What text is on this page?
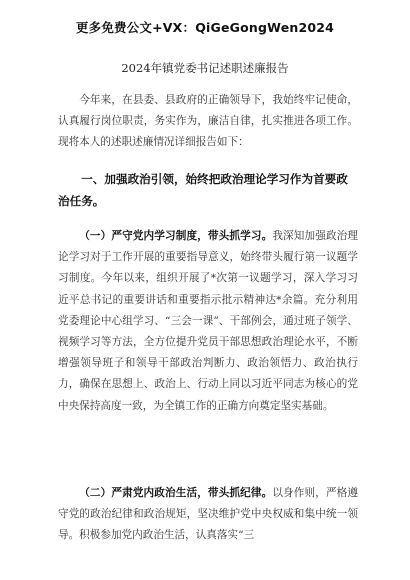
更多免费公文+VX：QiGeGongWen2024
2024年镇党委书记述职述廉报告
今年来，在县委、县政府的正确领导下，我始终牢记使命，认真履行岗位职责，务实作为，廉洁自律，扎实推进各项工作。现将本人的述职述廉情况详细报告如下：
一、加强政治引领，始终把政治理论学习作为首要政治任务。
（一）严守党内学习制度，带头抓学习。我深知加强政治理论学习对于工作开展的重要指导意义，始终带头履行第一议题学习制度。今年以来，组织开展了*次第一议题学习，深入学习习近平总书记的重要讲话和重要指示批示精神达*余篇。充分利用党委理论中心组学习、“三会一课”、干部例会，通过班子领学、视频学习等方法，全方位提升党员干部思想政治理论水平，不断增强领导班子和领导干部政治判断力、政治领悟力、政治执行力，确保在思想上、政治上、行动上同以习近平同志为核心的党中央保持高度一致，为全镇工作的正确方向奠定坚实基础。
（二）严肃党内政治生活，带头抓纪律。以身作则，严格遵守党的政治纪律和政治规矩，坚决维护党中央权威和集中统一领导。积极参加党内政治生活，认真落实“三
